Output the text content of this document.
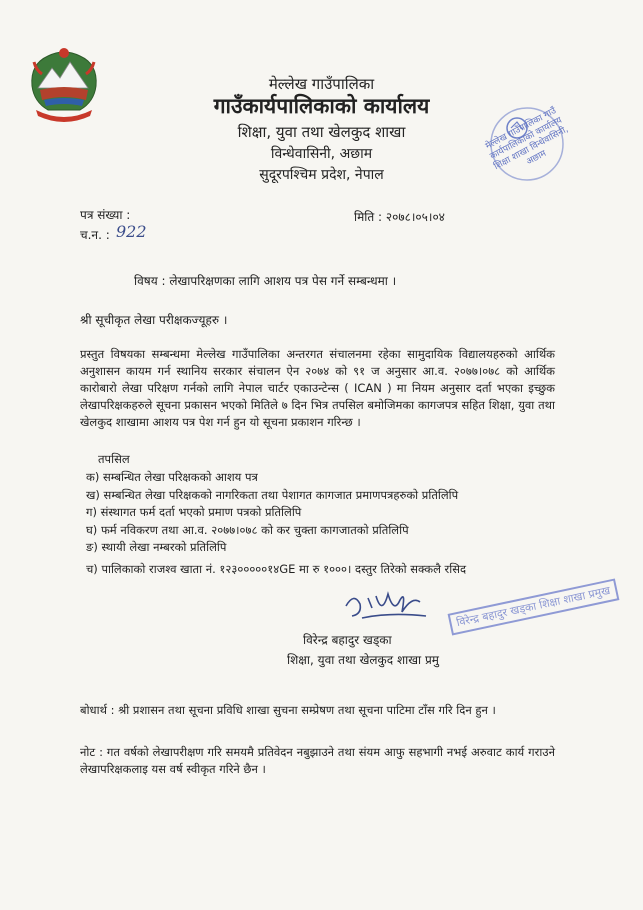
मेल्लेख गाउँपालिका
गाउँकार्यपालिकाको कार्यालय
शिक्षा, युवा तथा खेलकुद शाखा
विन्धेवासिनी, अछाम
सुदूरपश्चिम प्रदेश, नेपाल
मेल्लेख गाउँपालिका गाउँ कार्यपालिकाको कार्यालय शिक्षा शाखा विन्धेवासिनी, अछाम
पत्र संख्या :
च.न. : 922
मिति : २०७८।०५।०४
विषय : लेखापरिक्षणका लागि आशय पत्र पेस गर्ने सम्बन्धमा ।
श्री सूचीकृत लेखा परीक्षकज्यूहरु ।
प्रस्तुत विषयका सम्बन्धमा मेल्लेख गाउँपालिका अन्तरगत संचालनमा रहेका सामुदायिक विद्यालयहरुको आर्थिक अनुशासन कायम गर्न स्थानिय सरकार संचालन ऐन २०७४ को ९१ ज अनुसार आ.व. २०७७।०७८ को आर्थिक कारोबारो लेखा परिक्षण गर्नको लागि नेपाल चार्टर एकाउन्टेन्स ( ICAN ) मा नियम अनुसार दर्ता भएका इच्छुक लेखापरिक्षकहरुले सूचना प्रकासन भएको मितिले ७ दिन भित्र तपसिल बमोजिमका कागजपत्र सहित शिक्षा, युवा तथा खेलकुद शाखामा आशय पत्र पेश गर्न हुन यो सूचना प्रकाशन गरिन्छ ।
तपसिल
क) सम्बन्धित लेखा परिक्षकको आशय पत्र
ख) सम्बन्धित लेखा परिक्षकको नागरिकता तथा पेशागत कागजात प्रमाणपत्रहरुको प्रतिलिपि
ग) संस्थागत फर्म दर्ता भएको प्रमाण पत्रको प्रतिलिपि
घ) फर्म नविकरण तथा आ.व. २०७७।०७८ को कर चुक्ता कागजातको प्रतिलिपि
ङ) स्थायी लेखा नम्बरको प्रतिलिपि
च) पालिकाको राजश्व खाता नं. १२३०००००१४GE मा रु १०००। दस्तुर तिरेको सक्कलै रसिद
विरेन्द्र बहादुर खड्का शिक्षा शाखा प्रमुख
विरेन्द्र बहादुर खड्का
शिक्षा, युवा तथा खेलकुद शाखा प्रमु
बोधार्थ : श्री प्रशासन तथा सूचना प्रविधि शाखा सुचना सम्प्रेषण तथा सूचना पाटिमा टाँस गरि दिन हुन ।
नोट : गत वर्षको लेखापरीक्षण गरि समयमै प्रतिवेदन नबुझाउने तथा संयम आफु सहभागी नभई अरुवाट कार्य गराउने लेखापरिक्षकलाइ यस वर्ष स्वीकृत गरिने छैन ।
